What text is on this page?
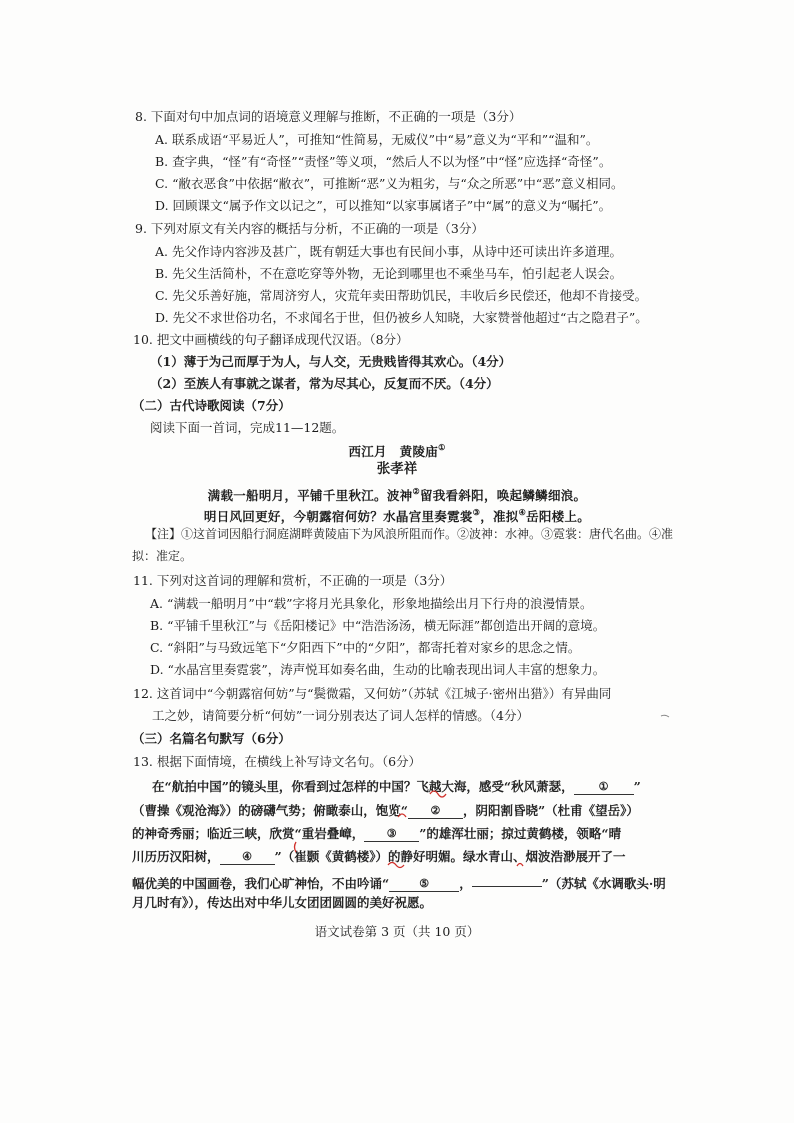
8. 下面对句中加点词的语境意义理解与推断，不正确的一项是（3分）
A. 联系成语“平易近人”，可推知“性简易，无威仪”中“易”意义为“平和”“温和”。
B. 查字典，“怪”有“奇怪”“责怪”等义项，“然后人不以为怪”中“怪”应选择“奇怪”。
C. “敝衣恶食”中依据“敝衣”，可推断“恶”义为粗劣，与“众之所恶”中“恶”意义相同。
D. 回顾课文“属予作文以记之”，可以推知“以家事属诸子”中“属”的意义为“嘱托”。
9. 下列对原文有关内容的概括与分析，不正确的一项是（3分）
A. 先父作诗内容涉及甚广，既有朝廷大事也有民间小事，从诗中还可读出许多道理。
B. 先父生活简朴，不在意吃穿等外物，无论到哪里也不乘坐马车，怕引起老人误会。
C. 先父乐善好施，常周济穷人，灾荒年卖田帮助饥民，丰收后乡民偿还，他却不肯接受。
D. 先父不求世俗功名，不求闻名于世，但仍被乡人知晓，大家赞誉他超过“古之隐君子”。
10. 把文中画横线的句子翻译成现代汉语。（8分）
（1）薄于为己而厚于为人，与人交，无贵贱皆得其欢心。（4分）
（2）至族人有事就之谋者，常为尽其心，反复而不厌。（4分）
（二）古代诗歌阅读（7分）
阅读下面一首词，完成11—12题。
西江月　黄陵庙①
张孝祥
满载一船明月，平铺千里秋江。波神②留我看斜阳，唤起鳞鳞细浪。
明日风回更好，今朝露宿何妨？水晶宫里奏霓裳③，准拟④岳阳楼上。
【注】①这首词因船行洞庭湖畔黄陵庙下为风浪所阻而作。②波神：水神。③霓裳：唐代名曲。④准
拟：准定。
11. 下列对这首词的理解和赏析，不正确的一项是（3分）
A. “满载一船明月”中“载”字将月光具象化，形象地描绘出月下行舟的浪漫情景。
B. “平铺千里秋江”与《岳阳楼记》中“浩浩汤汤，横无际涯”都创造出开阔的意境。
C. “斜阳”与马致远笔下“夕阳西下”中的“夕阳”，都寄托着对家乡的思念之情。
D. “水晶宫里奏霓裳”，涛声悦耳如奏名曲，生动的比喻表现出词人丰富的想象力。
12. 这首词中“今朝露宿何妨”与“鬓微霜，又何妨”（苏轼《江城子·密州出猎》）有异曲同
工之妙，请简要分析“何妨”一词分别表达了词人怎样的情感。（4分）
（三）名篇名句默写（6分）
13. 根据下面情境，在横线上补写诗文名句。（6分）
在“航拍中国”的镜头里，你看到过怎样的中国？飞越大海，感受“秋风萧瑟， ① ”
（曹操《观沧海》）的磅礴气势；俯瞰泰山，饱览“ ② ，阴阳割昏晓”（杜甫《望岳》）
的神奇秀丽；临近三峡，欣赏“重岩叠嶂， ③ ”的雄浑壮丽；掠过黄鹤楼，领略“晴
川历历汉阳树， ④ ”（崔颢《黄鹤楼》）的静好明媚。绿水青山、烟波浩渺展开了一
幅优美的中国画卷，我们心旷神怡，不由吟诵“	⑤ ，	”（苏轼《水调歌头·明
月几时有》），传达出对中华儿女团团圆圆的美好祝愿。
语文试卷第 3 页（共 10 页）
